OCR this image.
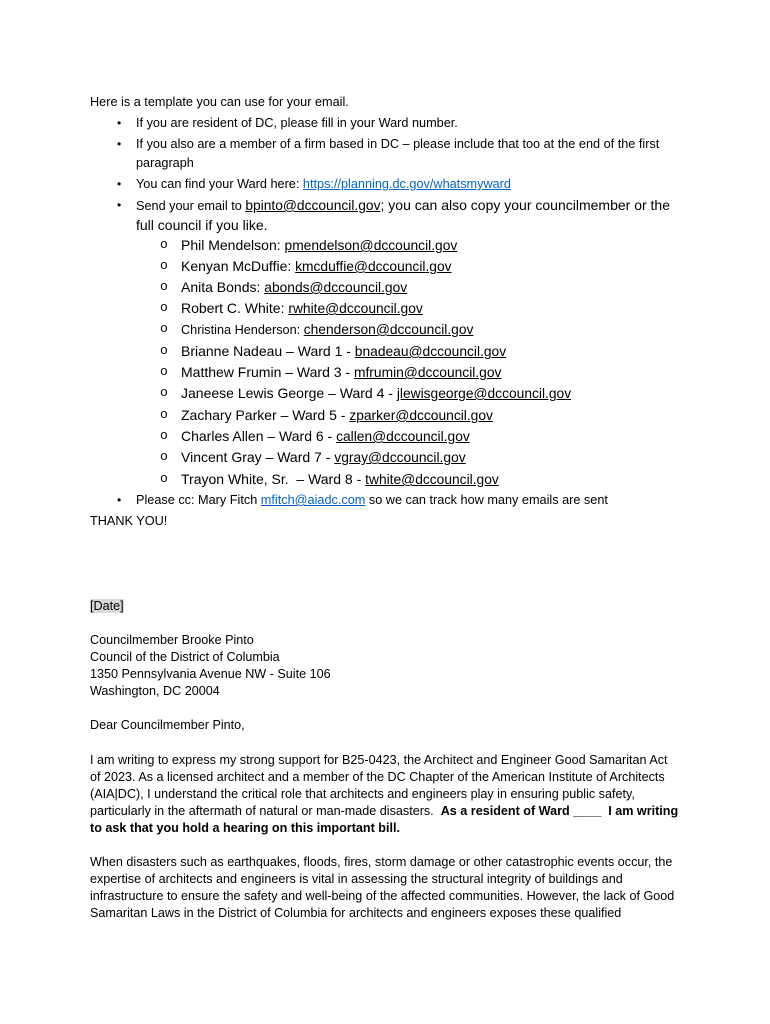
Here is a template you can use for your email.
• If you are resident of DC, please fill in your Ward number.
• If you also are a member of a firm based in DC – please include that too at the end of the first
paragraph
• You can find your Ward here: https://planning.dc.gov/whatsmyward
• Send your email to bpinto@dccouncil.gov; you can also copy your councilmember or the
full council if you like.
o Phil Mendelson: pmendelson@dccouncil.gov
o Kenyan McDuffie: kmcduffie@dccouncil.gov
o Anita Bonds: abonds@dccouncil.gov
o Robert C. White: rwhite@dccouncil.gov
o Christina Henderson: chenderson@dccouncil.gov
o Brianne Nadeau – Ward 1 - bnadeau@dccouncil.gov
o Matthew Frumin – Ward 3 - mfrumin@dccouncil.gov
o Janeese Lewis George – Ward 4 - jlewisgeorge@dccouncil.gov
o Zachary Parker – Ward 5 - zparker@dccouncil.gov
o Charles Allen – Ward 6 - callen@dccouncil.gov
o Vincent Gray – Ward 7 - vgray@dccouncil.gov
o Trayon White, Sr.  – Ward 8 - twhite@dccouncil.gov
• Please cc: Mary Fitch mfitch@aiadc.com so we can track how many emails are sent
THANK YOU!
[Date]
Councilmember Brooke Pinto
Council of the District of Columbia
1350 Pennsylvania Avenue NW - Suite 106
Washington, DC 20004
Dear Councilmember Pinto,
I am writing to express my strong support for B25-0423, the Architect and Engineer Good Samaritan Act
of 2023. As a licensed architect and a member of the DC Chapter of the American Institute of Architects
(AIA|DC), I understand the critical role that architects and engineers play in ensuring public safety,
particularly in the aftermath of natural or man-made disasters.  As a resident of Ward ____  I am writing
to ask that you hold a hearing on this important bill.
When disasters such as earthquakes, floods, fires, storm damage or other catastrophic events occur, the
expertise of architects and engineers is vital in assessing the structural integrity of buildings and
infrastructure to ensure the safety and well-being of the affected communities. However, the lack of Good
Samaritan Laws in the District of Columbia for architects and engineers exposes these qualified
